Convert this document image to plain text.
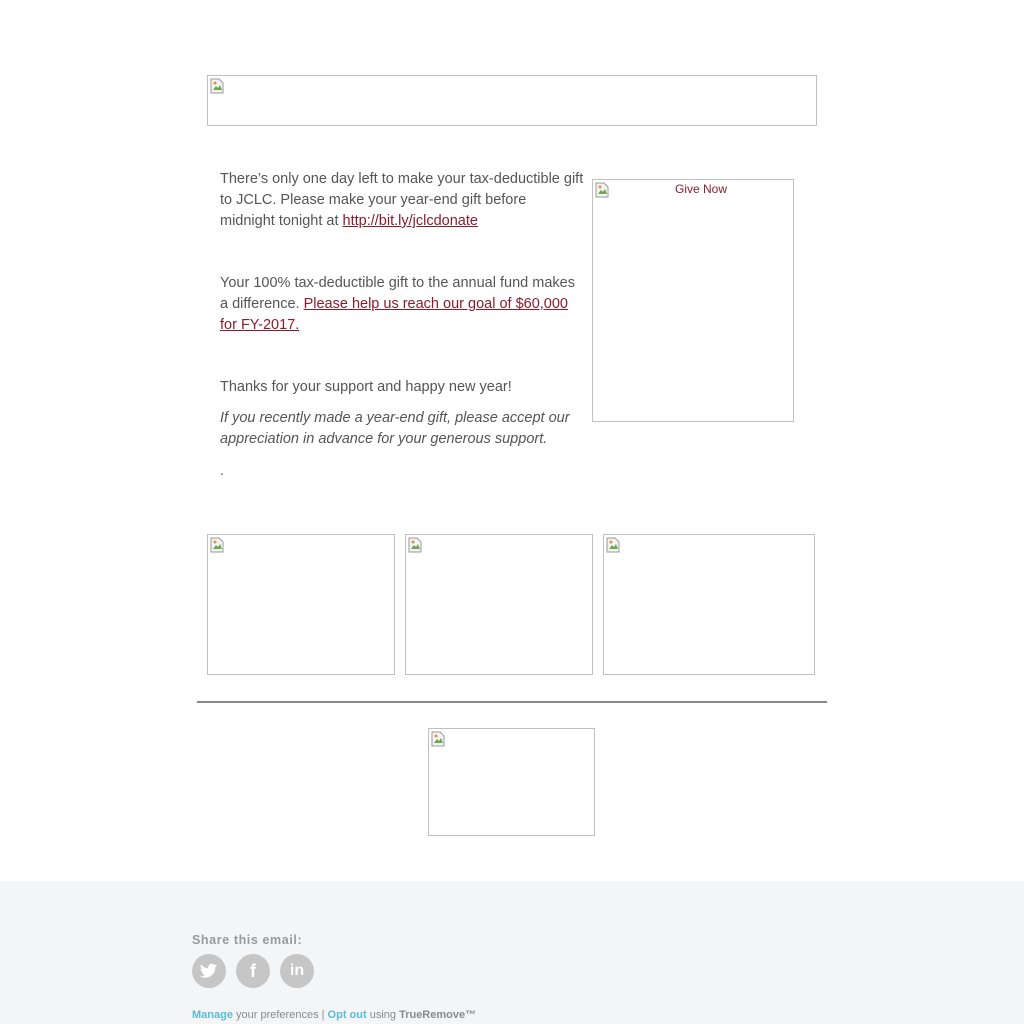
There’s only one day left to make your tax-deductible gift to JCLC. Please make your year-end gift before midnight tonight at http://bit.ly/jclcdonate
Your 100% tax-deductible gift to the annual fund makes a difference. Please help us reach our goal of $60,000 for FY-2017.
Thanks for your support and happy new year!
If you recently made a year-end gift, please accept our appreciation in advance for your generous support.
.
Give Now
Share this email:
f	in
Manage your preferences | Opt out using TrueRemove™
